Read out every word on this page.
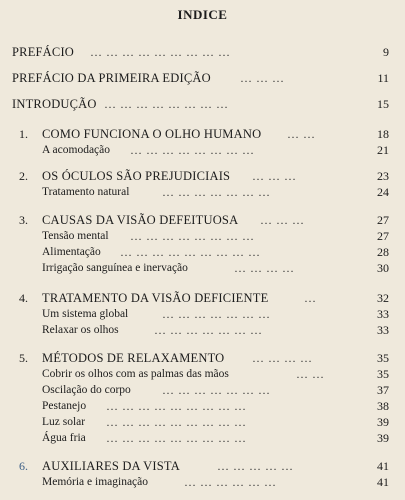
INDICE
PREFÁCIO … … … … … … … … …	9
PREFÁCIO DA PRIMEIRA EDIÇÃO … … …	11
INTRODUÇÃO … … … … … … … …	15
1. COMO FUNCIONA O OLHO HUMANO … …	18
A acomodação … … … … … … … …	21
2. OS ÓCULOS SÃO PREJUDICIAIS … … …	23
Tratamento natural	… … … … … … …	24
3. CAUSAS DA VISÃO DEFEITUOSA … … …	27
Tensão mental … … … … … … … …	27
Alimentação … … … … … … … … …	28
Irrigação sanguínea e inervação	… … … …	30
4. TRATAMENTO DA VISÃO DEFICIENTE	…	32
Um sistema global	… … … … … … …	33
Relaxar os olhos	… … … … … … …	33
5. MÉTODOS DE RELAXAMENTO … … … …	35
Cobrir os olhos com as palmas das mãos	… …	35
Oscilação do corpo	… … … … … … …	37
Pestanejo … … … … … … … … …	38
Luz solar … … … … … … … … …	39
Água fria … … … … … … … … …	39
6. AUXILIARES DA VISTA	… … … … …	41
Memória e imaginação	… … … … … …	41
